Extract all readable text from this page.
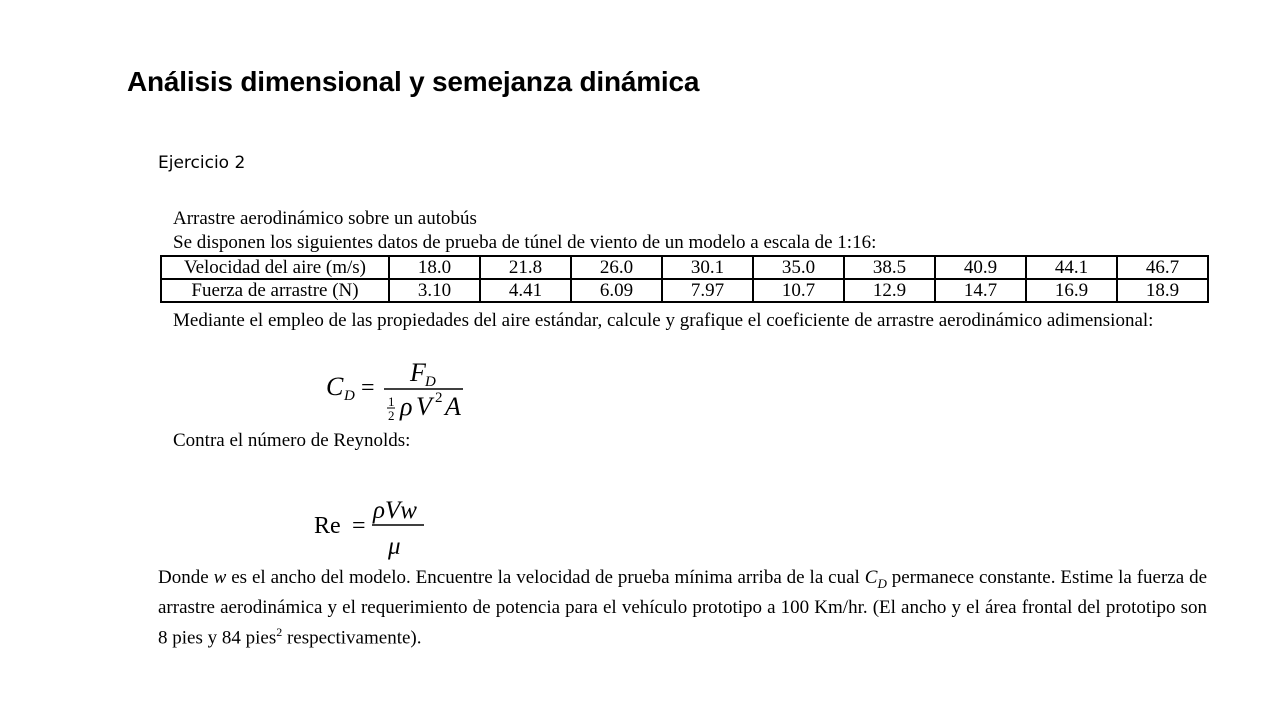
Análisis dimensional y semejanza dinámica
Ejercicio 2
Arrastre aerodinámico sobre un autobús
Se disponen los siguientes datos de prueba de túnel de viento de un modelo a escala de 1:16:
Velocidad del aire (m/s)	18.0	21.8	26.0	30.1	35.0	38.5	40.9	44.1	46.7
Fuerza de arrastre (N)	3.10	4.41	6.09	7.97	10.7	12.9	14.7	16.9	18.9
Mediante el empleo de las propiedades del aire estándar, calcule y grafique el coeficiente de arrastre aerodinámico adimensional:
C D =
F D
1
2 ρ V 2 A
Contra el número de Reynolds:
Re =
ρVw
μ
Donde w es el ancho del modelo. Encuentre la velocidad de prueba mínima arriba de la cual $C_D$ permanece constante. Estime la fuerza de arrastre aerodinámica y el requerimiento de potencia para el vehículo prototipo a 100 Km/hr. (El ancho y el área frontal del prototipo son 8 pies y 84 pies$^2$ respectivamente).
